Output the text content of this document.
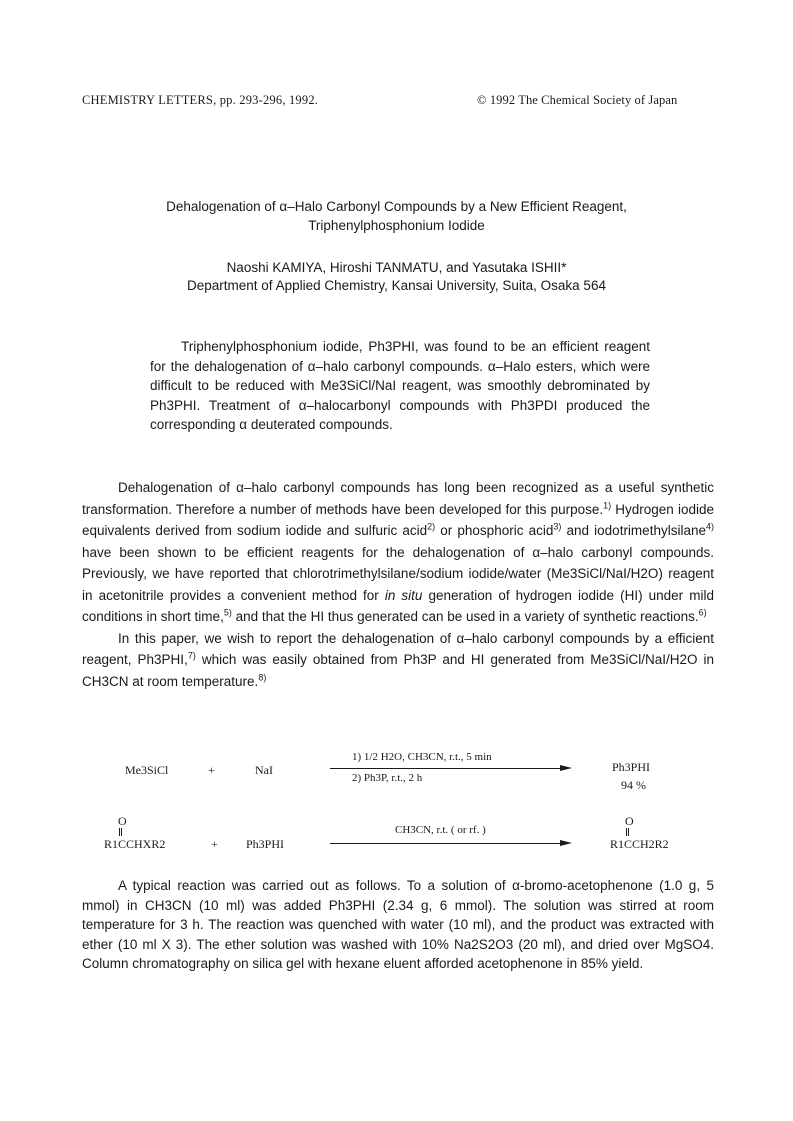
CHEMISTRY LETTERS, pp. 293-296, 1992.	© 1992 The Chemical Society of Japan
Dehalogenation of α–Halo Carbonyl Compounds by a New Efficient Reagent,
Triphenylphosphonium Iodide
Naoshi KAMIYA, Hiroshi TANMATU, and Yasutaka ISHII*
Department of Applied Chemistry, Kansai University, Suita, Osaka 564

Triphenylphosphonium iodide, Ph3PHI, was found to be an efficient reagent for the dehalogenation of α–halo carbonyl compounds. α–Halo esters, which were difficult to be reduced with Me3SiCl/NaI reagent, was smoothly debrominated by Ph3PHI. Treatment of α–halocarbonyl compounds with Ph3PDI produced the corresponding α deuterated compounds.

Dehalogenation of α–halo carbonyl compounds has long been recognized as a useful synthetic transformation. Therefore a number of methods have been developed for this purpose.$^{1)}$ Hydrogen iodide equivalents derived from sodium iodide and sulfuric acid$^{2)}$ or phosphoric acid$^{3)}$ and iodotrimethylsilane$^{4)}$ have been shown to be efficient reagents for the dehalogenation of α–halo carbonyl compounds. Previously, we have reported that chlorotrimethylsilane/sodium iodide/water (Me3SiCl/NaI/H2O) reagent in acetonitrile provides a convenient method for in situ generation of hydrogen iodide (HI) under mild conditions in short time,$^{5)}$ and that the HI thus generated can be used in a variety of synthetic reactions.$^{6)}$

In this paper, we wish to report the dehalogenation of α–halo carbonyl compounds by a efficient reagent, Ph3PHI,$^{7)}$ which was easily obtained from Ph3P and HI generated from Me3SiCl/NaI/H2O in CH3CN at room temperature.$^{8)}$

Me3SiCl	+	NaI
1) 1/2 H2O, CH3CN, r.t., 5 min
2) Ph3P, r.t., 2 h
Ph3PHI
94 %
O
R1CCHXR2	+ Ph3PHI
CH3CN, r.t. ( or rf. )
O
R1CCH2R2

A typical reaction was carried out as follows. To a solution of α-bromo-acetophenone (1.0 g, 5 mmol) in CH3CN (10 ml) was added Ph3PHI (2.34 g, 6 mmol). The solution was stirred at room temperature for 3 h. The reaction was quenched with water (10 ml), and the product was extracted with ether (10 ml X 3). The ether solution was washed with 10% Na2S2O3 (20 ml), and dried over MgSO4. Column chromatography on silica gel with hexane eluent afforded acetophenone in 85% yield.
